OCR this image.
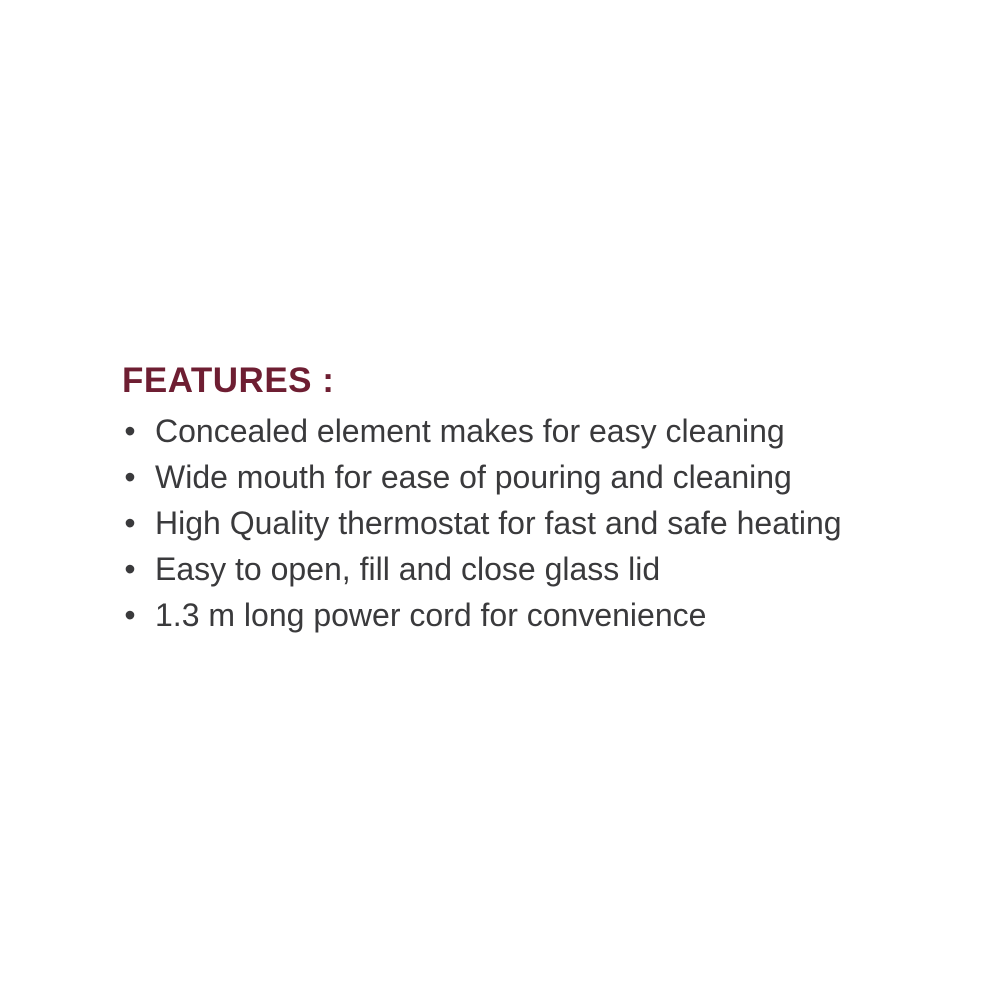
FEATURES :
• Concealed element makes for easy cleaning
• Wide mouth for ease of pouring and cleaning
• High Quality thermostat for fast and safe heating
• Easy to open, fill and close glass lid
• 1.3 m long power cord for convenience
